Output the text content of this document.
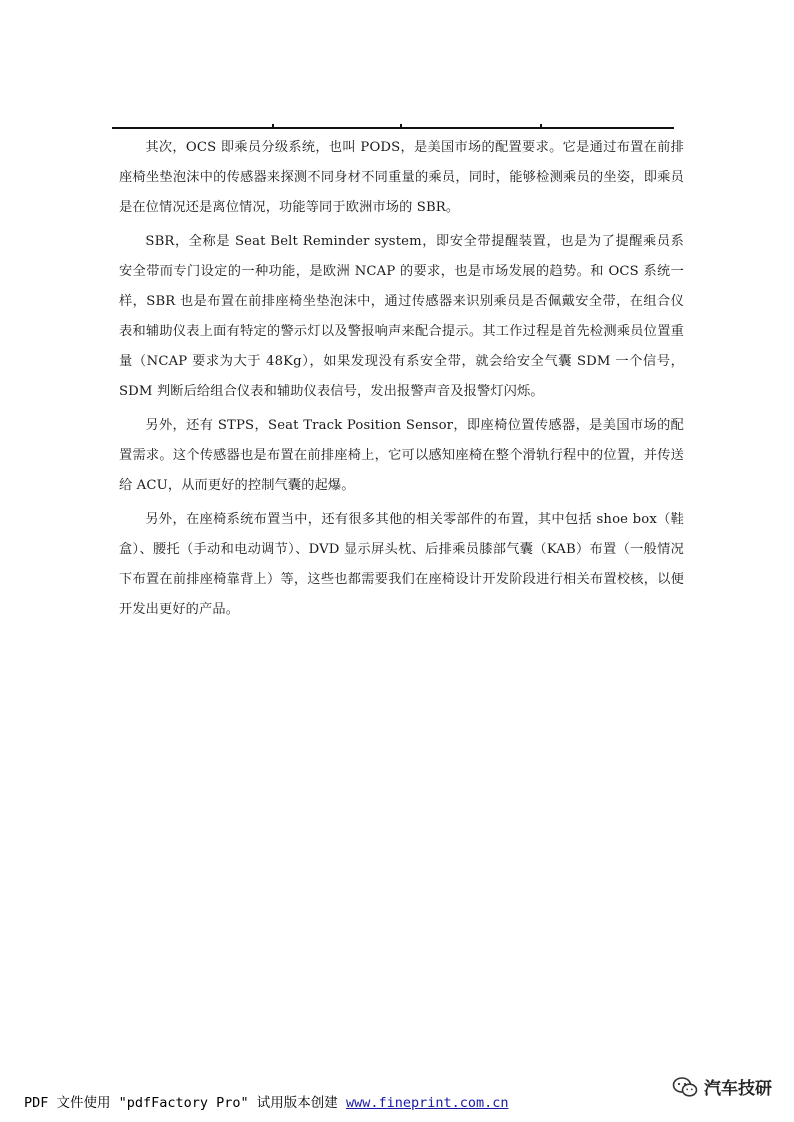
其次，OCS 即乘员分级系统，也叫 PODS，是美国市场的配置要求。它是通过布置在前排座椅坐垫泡沫中的传感器来探测不同身材不同重量的乘员，同时，能够检测乘员的坐姿，即乘员是在位情况还是离位情况，功能等同于欧洲市场的 SBR。

SBR，全称是 Seat Belt Reminder system，即安全带提醒装置，也是为了提醒乘员系安全带而专门设定的一种功能，是欧洲 NCAP 的要求，也是市场发展的趋势。和 OCS 系统一样，SBR 也是布置在前排座椅坐垫泡沫中，通过传感器来识别乘员是否佩戴安全带，在组合仪表和辅助仪表上面有特定的警示灯以及警报响声来配合提示。其工作过程是首先检测乘员位置重量（NCAP 要求为大于 48Kg），如果发现没有系安全带，就会给安全气囊 SDM 一个信号，SDM 判断后给组合仪表和辅助仪表信号，发出报警声音及报警灯闪烁。

另外，还有 STPS，Seat Track Position Sensor，即座椅位置传感器，是美国市场的配置需求。这个传感器也是布置在前排座椅上，它可以感知座椅在整个滑轨行程中的位置，并传送给 ACU，从而更好的控制气囊的起爆。

另外，在座椅系统布置当中，还有很多其他的相关零部件的布置，其中包括 shoe box（鞋盒）、腰托（手动和电动调节）、DVD 显示屏头枕、后排乘员膝部气囊（KAB）布置（一般情况下布置在前排座椅靠背上）等，这些也都需要我们在座椅设计开发阶段进行相关布置校核，以便开发出更好的产品。

PDF 文件使用 "pdfFactory Pro" 试用版本创建 www.fineprint.com.cn
汽车技研
